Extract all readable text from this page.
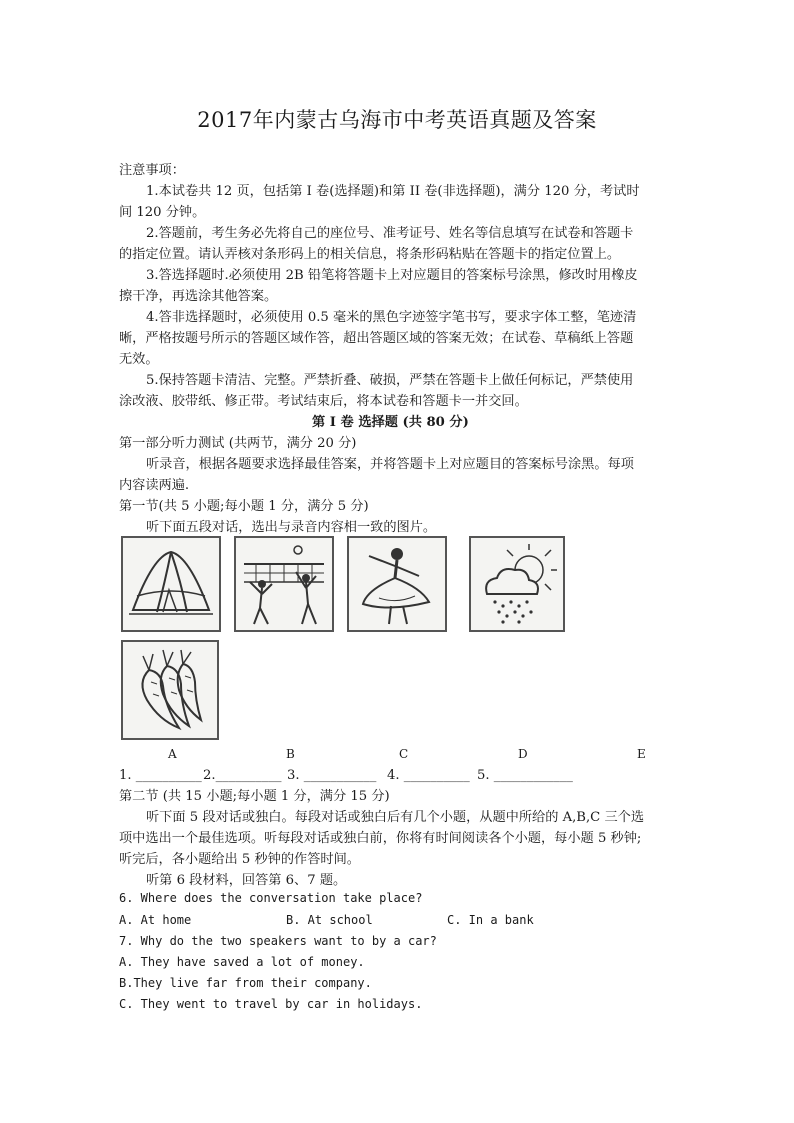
2017年内蒙古乌海市中考英语真题及答案
注意事项：
1.本试卷共 12 页，包括第 I 卷(选择题)和第 II 卷(非选择题)，满分 120 分，考试时
间 120 分钟。
2.答题前，考生务必先将自己的座位号、准考证号、姓名等信息填写在试卷和答题卡
的指定位置。请认弄核对条形码上的相关信息，将条形码粘贴在答题卡的指定位置上。
3.答选择题时.必须使用 2B 铅笔将答题卡上对应题目的答案标号涂黑，修改时用橡皮
擦干净，再选涂其他答案。
4.答非选择题时，必须使用 0.5 毫米的黑色字迹签字笔书写，要求字体工整，笔迹清
晰，严格按题号所示的答题区域作答，超出答题区域的答案无效；在试卷、草稿纸上答题
无效。
5.保持答题卡清洁、完整。严禁折叠、破损，严禁在答题卡上做任何标记，严禁使用
涂改液、胶带纸、修正带。考试结束后，将本试卷和答题卡一并交回。
第 I 卷 选择题 (共 80 分)
第一部分听力测试 (共两节，满分 20 分)
听录音，根据各题要求选择最佳答案，并将答题卡上对应题目的答案标号涂黑。每项
内容读两遍.
第一节(共 5 小题;每小题 1 分，满分 5 分)
听下面五段对话，选出与录音内容相一致的图片。
A	B	C	D	E
1. __________ 2.__________ 3. ___________ 4. __________ 5. ____________
第二节 (共 15 小题;每小题 1 分，满分 15 分)
听下面 5 段对话或独白。每段对话或独白后有几个小题，从题中所给的 A,B,C 三个选
项中选出一个最佳选项。听每段对话或独白前，你将有时间阅读各个小题，每小题 5 秒钟;
听完后，各小题给出 5 秒钟的作答时间。
听第 6 段材料，回答第 6、7 题。
6. Where does the conversation take place?
A. At home	B. At school	C. In a bank
7. Why do the two speakers want to by a car?
A. They have saved a lot of money.
B.They live far from their company.
C. They went to travel by car in holidays.
